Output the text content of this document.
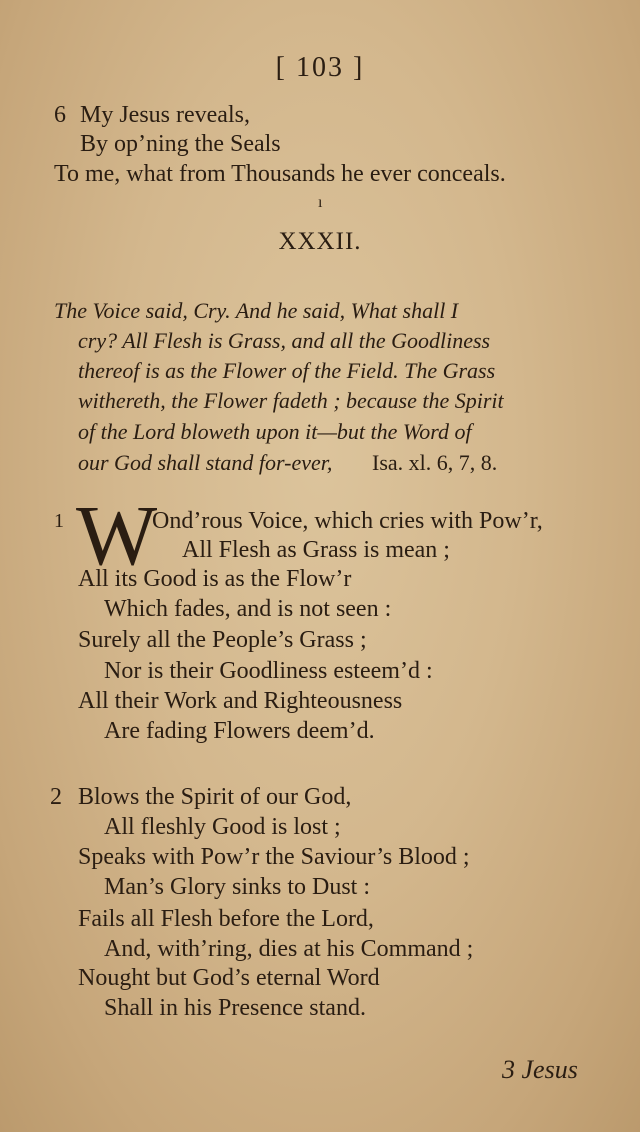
[ 103 ]
6 My Jesus reveals,
By op’ning the Seals
To me, what from Thousands he ever conceals.
ı
XXXII.
The Voice said, Cry. And he said, What shall I
cry? All Flesh is Grass, and all the Goodliness
thereof is as the Flower of the Field. The Grass
withereth, the Flower fadeth ; because the Spirit
of the Lord bloweth upon it—but the Word of
our God shall stand for-ever, Isa. xl. 6, 7, 8.
1 W
Ond’rous Voice, which cries with Pow’r,
All Flesh as Grass is mean ;
All its Good is as the Flow’r
Which fades, and is not seen :
Surely all the People’s Grass ;
Nor is their Goodliness esteem’d :
All their Work and Righteousness
Are fading Flowers deem’d.
2 Blows the Spirit of our God,
All fleshly Good is lost ;
Speaks with Pow’r the Saviour’s Blood ;
Man’s Glory sinks to Dust :
Fails all Flesh before the Lord,
And, with’ring, dies at his Command ;
Nought but God’s eternal Word
Shall in his Presence stand.
3 Jesus
